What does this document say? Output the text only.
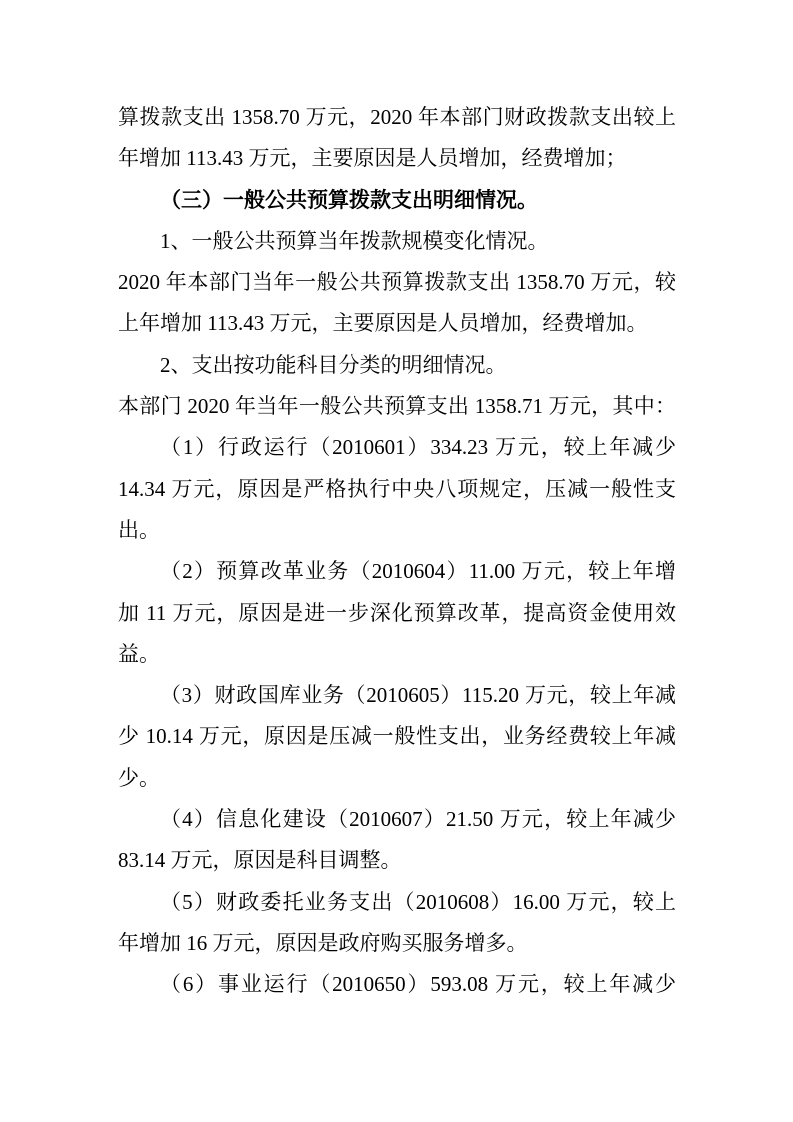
算拨款支出 1358.70 万元，2020 年本部门财政拨款支出较上
年增加 113.43 万元，主要原因是人员增加，经费增加；
（三）一般公共预算拨款支出明细情况。
1、一般公共预算当年拨款规模变化情况。
2020 年本部门当年一般公共预算拨款支出 1358.70 万元，较
上年增加 113.43 万元，主要原因是人员增加，经费增加。
2、支出按功能科目分类的明细情况。
本部门 2020 年当年一般公共预算支出 1358.71 万元，其中：
（1）行政运行（2010601）334.23 万元，较上年减少
14.34 万元，原因是严格执行中央八项规定，压减一般性支
出。
（2）预算改革业务（2010604）11.00 万元，较上年增
加 11 万元，原因是进一步深化预算改革，提高资金使用效
益。
（3）财政国库业务（2010605）115.20 万元，较上年减
少 10.14 万元，原因是压减一般性支出，业务经费较上年减
少。
（4）信息化建设（2010607）21.50 万元，较上年减少
83.14 万元，原因是科目调整。
（5）财政委托业务支出（2010608）16.00 万元，较上
年增加 16 万元，原因是政府购买服务增多。
（6）事业运行（2010650）593.08 万元，较上年减少
